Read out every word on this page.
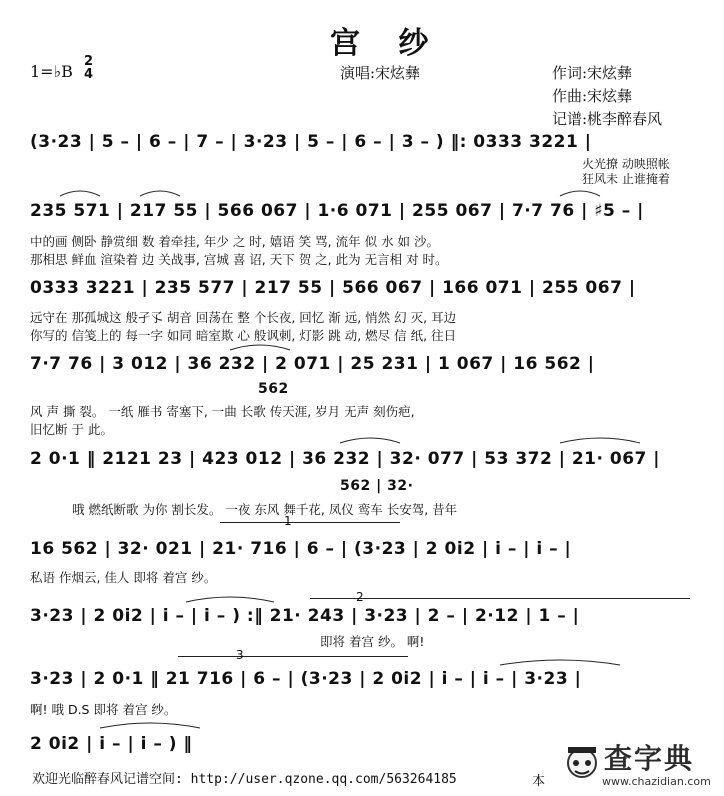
宫 纱
1=♭B
2
4	演唱:宋炫彝	作词:宋炫彝
作曲:宋炫彝
记谱:桃李醉春风
(3·23 | 5 – | 6 – | 7 – | 3·23 | 5 – | 6 – | 3 – ) ‖: 0333 3221 |
火光撩 动映照帐
狂风未 止谁掩着
235 571 | 217 55 | 566 067 | 1·6 071 | 255 067 | 7·7 76 | ♯5 – |
中的画 侧卧 静赏细 数 着牵挂, 年少 之 时, 嬉语 笑 骂, 流年 似 水 如 沙。
那相思 鲜血 渲染着 边 关战事, 宫城 喜 诏, 天下 贺 之, 此为 无言相 对 时。
0333 3221 | 235 577 | 217 55 | 566 067 | 166 071 | 255 067 |
远守在 那孤城这 般孑孓 胡音 回荡在 整 个长夜, 回忆 渐 远, 悄然 幻 灭, 耳边
你写的 信笺上的 每一字 如同 暗室欺 心 般讽刺, 灯影 跳 动, 燃尽 信 纸, 往日
7·7 76 | 3 012 | 36 232 | 2 071 | 25 231 | 1 067 | 16 562 |
562
风 声 撕 裂。 一纸 雁书 寄塞下, 一曲 长歌 传天涯, 岁月 无声 刻伤疤,
旧忆断 于 此。
2 0·1 ‖ 2121 23 | 423 012 | 36 232 | 32· 077 | 53 372 | 21· 067 |
562 | 32·
哦 燃纸断歌 为你 割长发。 一夜 东风 舞千花, 凤仪 鸾车 长安驾, 昔年
1
16 562 | 32· 021 | 21· 716 | 6 – | (3·23 | 2 0i2 | i – | i – |
私语 作烟云, 佳人 即将 着宫 纱。
2
3·23 | 2 0i2 | i – | i – ) :‖ 21· 243 | 3·23 | 2 – | 2·12 | 1 – |
即将 着宫 纱。 啊!
3
3·23 | 2 0·1 ‖ 21 716 | 6 – | (3·23 | 2 0i2 | i – | i – | 3·23 |
啊! 哦 D.S 即将 着宫 纱。
2 0i2 | i – | i – ) ‖
欢迎光临醉春风记谱空间: http://user.qzone.qq.com/563264185	本
查字典
www.chazidian.com
